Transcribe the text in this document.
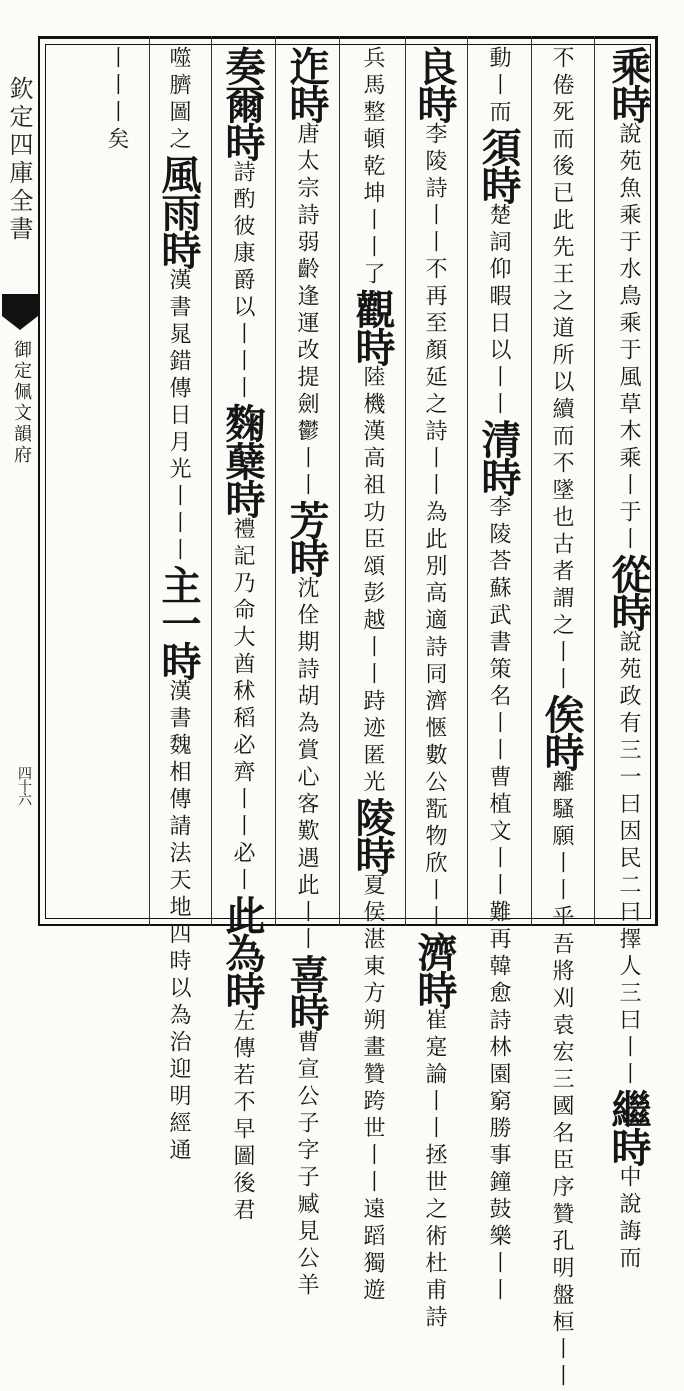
欽定四庫全書
御定佩文韻府
四十六
乘時說苑魚乘于水鳥乘于風草木乘丨于丨從時說苑政有三一曰因民二曰擇人三曰丨丨繼時中說誨而
不倦死而後已此先王之道所以續而不墜也古者謂之丨丨俟時離騷願丨丨乎吾將刈袁宏三國名臣序贊孔明盤桓丨丨
動丨而須時楚詞仰暇日以丨丨清時李陵荅蘇武書策名丨丨曹植文丨丨難再韓愈詩林園窮勝事鐘鼓樂丨丨
良時李陵詩丨丨不再至顏延之詩丨丨為此別高適詩同濟愜數公翫物欣丨丨濟時崔寔論丨丨拯世之術杜甫詩
兵馬整頓乾坤丨丨了觀時陸機漢高祖功臣頌彭越丨丨跱迹匿光陵時夏侯湛東方朔畫贊跨世丨丨遠蹈獨遊
迮時唐太宗詩弱齡逢運改提劍鬱丨丨芳時沈佺期詩胡為賞心客歎遇此丨丨喜時曹宣公子字子臧見公羊
奏爾時詩酌彼康爵以丨丨丨麴蘖時禮記乃命大酋秫稻必齊丨丨必丨此為時左傳若不早圖後君
噬臍圖之風雨時漢書晁錯傳日月光丨丨丨主一時漢書魏相傳請法天地四時以為治迎明經通
丨丨丨矣
